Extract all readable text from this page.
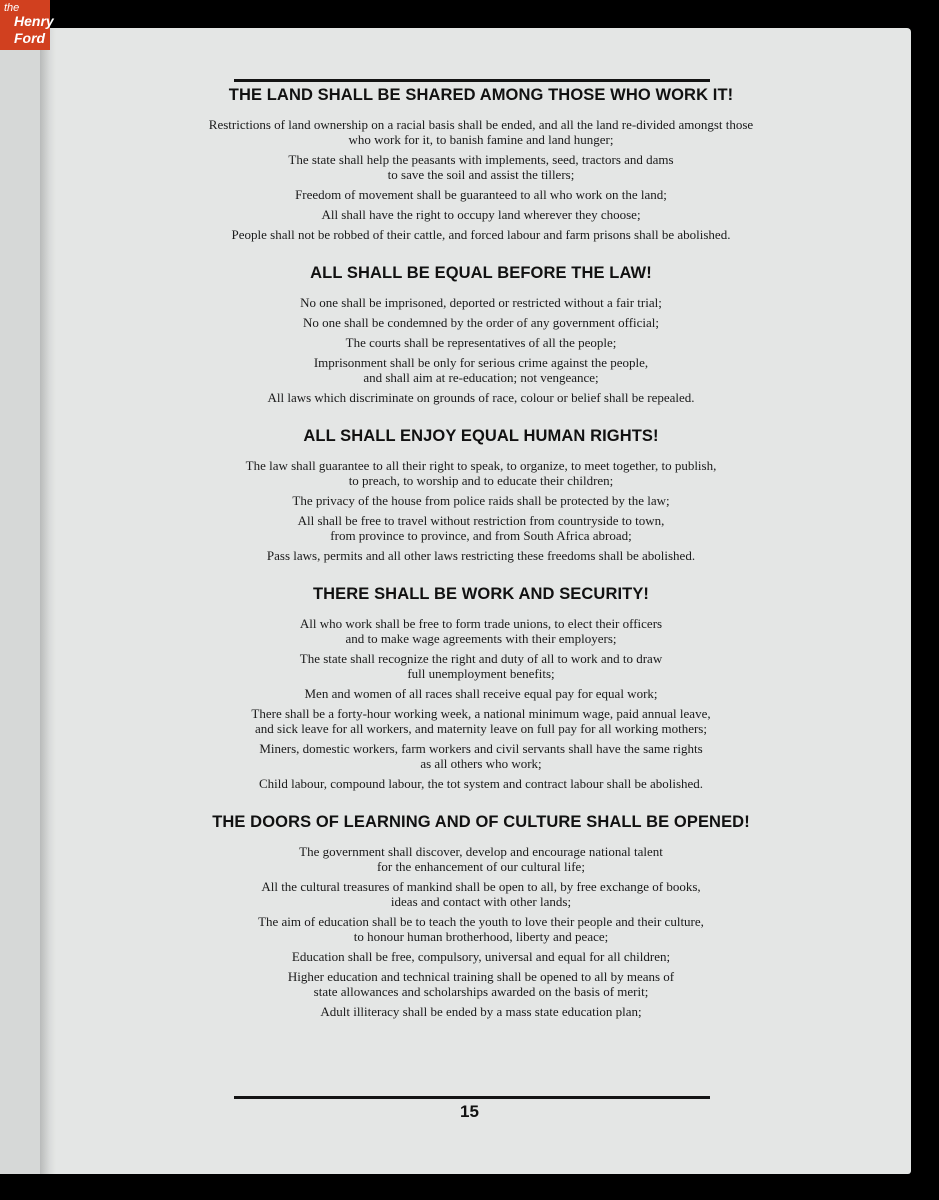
the
Henry
Ford
THE LAND SHALL BE SHARED AMONG THOSE WHO WORK IT!

Restrictions of land ownership on a racial basis shall be ended, and all the land re-divided amongst those
who work for it, to banish famine and land hunger;

The state shall help the peasants with implements, seed, tractors and dams
to save the soil and assist the tillers;

Freedom of movement shall be guaranteed to all who work on the land;

All shall have the right to occupy land wherever they choose;

People shall not be robbed of their cattle, and forced labour and farm prisons shall be abolished.

ALL SHALL BE EQUAL BEFORE THE LAW!

No one shall be imprisoned, deported or restricted without a fair trial;

No one shall be condemned by the order of any government official;

The courts shall be representatives of all the people;

Imprisonment shall be only for serious crime against the people,
and shall aim at re-education; not vengeance;

All laws which discriminate on grounds of race, colour or belief shall be repealed.

ALL SHALL ENJOY EQUAL HUMAN RIGHTS!

The law shall guarantee to all their right to speak, to organize, to meet together, to publish,
to preach, to worship and to educate their children;

The privacy of the house from police raids shall be protected by the law;

All shall be free to travel without restriction from countryside to town,
from province to province, and from South Africa abroad;

Pass laws, permits and all other laws restricting these freedoms shall be abolished.

THERE SHALL BE WORK AND SECURITY!

All who work shall be free to form trade unions, to elect their officers
and to make wage agreements with their employers;

The state shall recognize the right and duty of all to work and to draw
full unemployment benefits;

Men and women of all races shall receive equal pay for equal work;

There shall be a forty-hour working week, a national minimum wage, paid annual leave,
and sick leave for all workers, and maternity leave on full pay for all working mothers;

Miners, domestic workers, farm workers and civil servants shall have the same rights
as all others who work;

Child labour, compound labour, the tot system and contract labour shall be abolished.

THE DOORS OF LEARNING AND OF CULTURE SHALL BE OPENED!

The government shall discover, develop and encourage national talent
for the enhancement of our cultural life;

All the cultural treasures of mankind shall be open to all, by free exchange of books,
ideas and contact with other lands;

The aim of education shall be to teach the youth to love their people and their culture,
to honour human brotherhood, liberty and peace;

Education shall be free, compulsory, universal and equal for all children;

Higher education and technical training shall be opened to all by means of
state allowances and scholarships awarded on the basis of merit;

Adult illiteracy shall be ended by a mass state education plan;

15
